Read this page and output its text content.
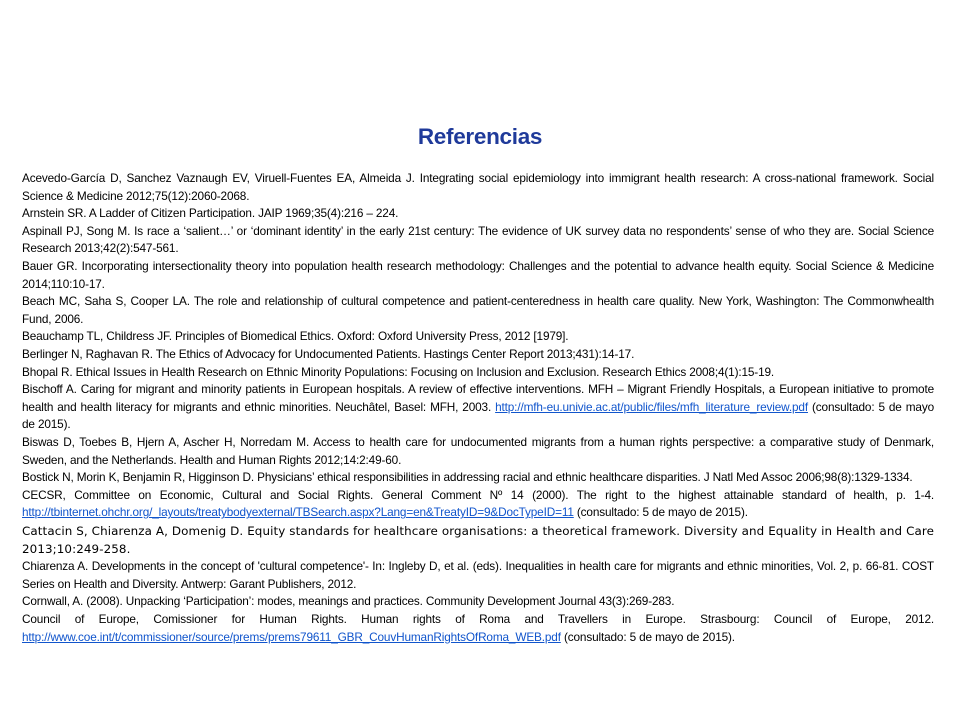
Referencias

Acevedo-García D, Sanchez Vaznaugh EV, Viruell-Fuentes EA, Almeida J. Integrating social epidemiology into immigrant health research: A cross-national framework. Social Science & Medicine 2012;75(12):2060-2068.

Arnstein SR. A Ladder of Citizen Participation. JAIP 1969;35(4):216 – 224.

Aspinall PJ, Song M. Is race a ‘salient…’ or ‘dominant identity’ in the early 21st century: The evidence of UK survey data no respondents’ sense of who they are. Social Science Research 2013;42(2):547-561.

Bauer GR. Incorporating intersectionality theory into population health research methodology: Challenges and the potential to advance health equity. Social Science & Medicine 2014;110:10-17.

Beach MC, Saha S, Cooper LA. The role and relationship of cultural competence and patient-centeredness in health care quality. New York, Washington: The Commonwhealth Fund, 2006.

Beauchamp TL, Childress JF. Principles of Biomedical Ethics. Oxford: Oxford University Press, 2012 [1979].

Berlinger N, Raghavan R. The Ethics of Advocacy for Undocumented Patients. Hastings Center Report 2013;431):14-17.

Bhopal R. Ethical Issues in Health Research on Ethnic Minority Populations: Focusing on Inclusion and Exclusion. Research Ethics 2008;4(1):15-19.

Bischoff A. Caring for migrant and minority patients in European hospitals. A review of effective interventions. MFH – Migrant Friendly Hospitals, a European initiative to promote health and health literacy for migrants and ethnic minorities. Neuchâtel, Basel: MFH, 2003. http://mfh-eu.univie.ac.at/public/files/mfh_literature_review.pdf (consultado: 5 de mayo de 2015).

Biswas D, Toebes B, Hjern A, Ascher H, Norredam M. Access to health care for undocumented migrants from a human rights perspective: a comparative study of Denmark, Sweden, and the Netherlands. Health and Human Rights 2012;14:2:49-60.

Bostick N, Morin K, Benjamin R, Higginson D. Physicians’ ethical responsibilities in addressing racial and ethnic healthcare disparities. J Natl Med Assoc 2006;98(8):1329-1334.

CECSR, Committee on Economic, Cultural and Social Rights. General Comment Nº 14 (2000). The right to the highest attainable standard of health, p. 1-4. http://tbinternet.ohchr.org/_layouts/treatybodyexternal/TBSearch.aspx?Lang=en&TreatyID=9&DocTypeID=11 (consultado: 5 de mayo de 2015).

Cattacin S, Chiarenza A, Domenig D. Equity standards for healthcare organisations: a theoretical framework. Diversity and Equality in Health and Care 2013;10:249-258.

Chiarenza A. Developments in the concept of 'cultural competence'- In: Ingleby D, et al. (eds). Inequalities in health care for migrants and ethnic minorities, Vol. 2, p. 66-81. COST Series on Health and Diversity. Antwerp: Garant Publishers, 2012.

Cornwall, A. (2008). Unpacking ‘Participation’: modes, meanings and practices. Community Development Journal 43(3):269-283.

Council of Europe, Comissioner for Human Rights. Human rights of Roma and Travellers in Europe. Strasbourg: Council of Europe, 2012. http://www.coe.int/t/commissioner/source/prems/prems79611_GBR_CouvHumanRightsOfRoma_WEB.pdf (consultado: 5 de mayo de 2015).
